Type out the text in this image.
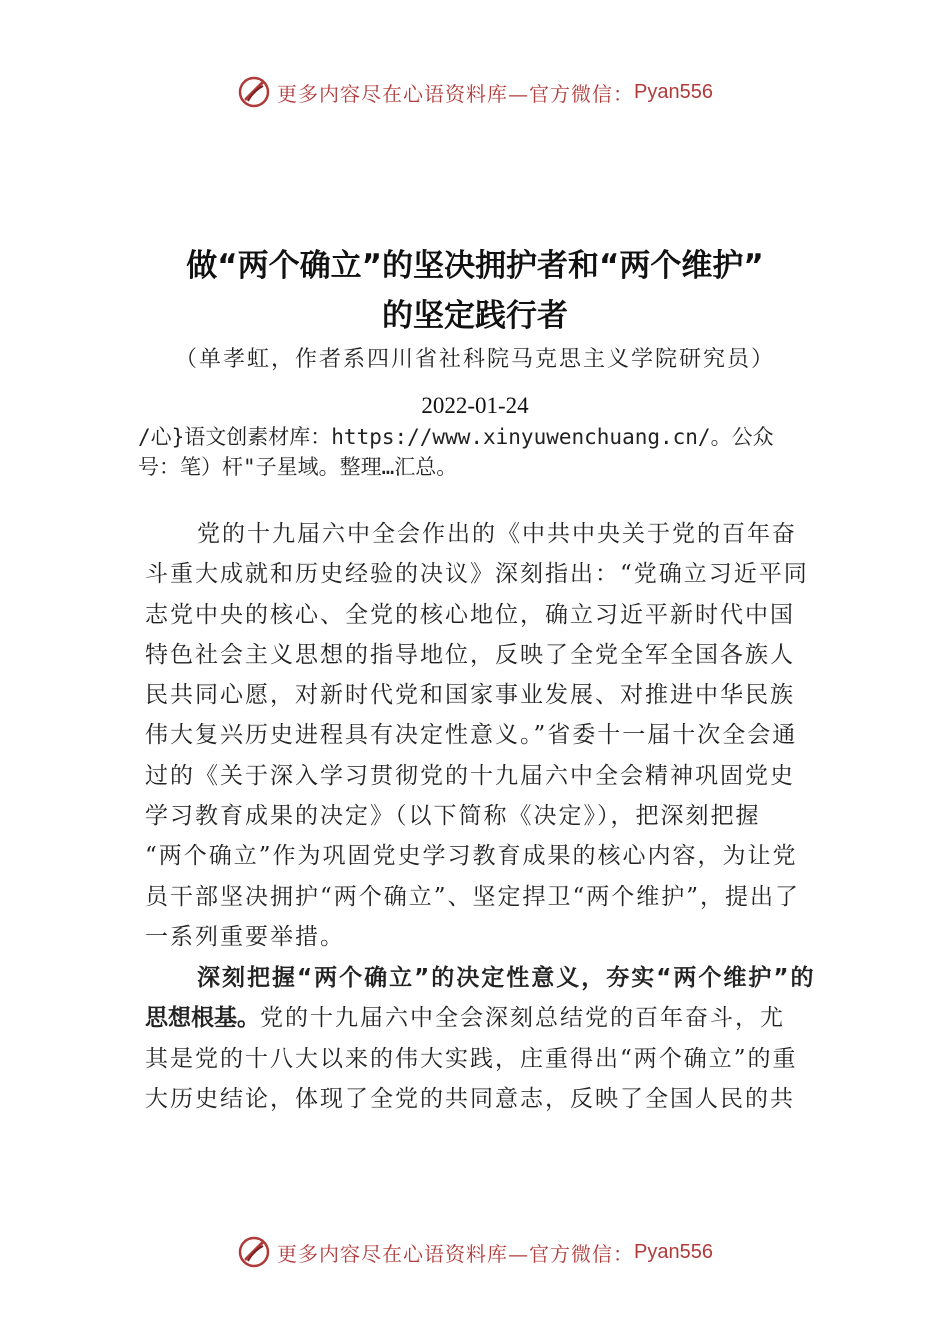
更多内容尽在心语资料库—官方微信： Pyan556
做“两个确立”的坚决拥护者和“两个维护”
的坚定践行者
（单孝虹，作者系四川省社科院马克思主义学院研究员）
2022-01-24
/心}语文创素材库：https://www.xinyuwenchuang.cn/。公众
号：笔）杆"子星域。整理…汇总。
党的十九届六中全会作出的《中共中央关于党的百年奋
斗重大成就和历史经验的决议》深刻指出：“党确立习近平同
志党中央的核心、全党的核心地位，确立习近平新时代中国
特色社会主义思想的指导地位，反映了全党全军全国各族人
民共同心愿，对新时代党和国家事业发展、对推进中华民族
伟大复兴历史进程具有决定性意义。”省委十一届十次全会通
过的《关于深入学习贯彻党的十九届六中全会精神巩固党史
学习教育成果的决定》（以下简称《决定》），把深刻把握
“两个确立”作为巩固党史学习教育成果的核心内容，为让党
员干部坚决拥护“两个确立”、坚定捍卫“两个维护”，提出了
一系列重要举措。
深刻把握“两个确立”的决定性意义，夯实“两个维护”的
思想根基。党的十九届六中全会深刻总结党的百年奋斗，尤
其是党的十八大以来的伟大实践，庄重得出“两个确立”的重
大历史结论，体现了全党的共同意志，反映了全国人民的共
更多内容尽在心语资料库—官方微信： Pyan556
